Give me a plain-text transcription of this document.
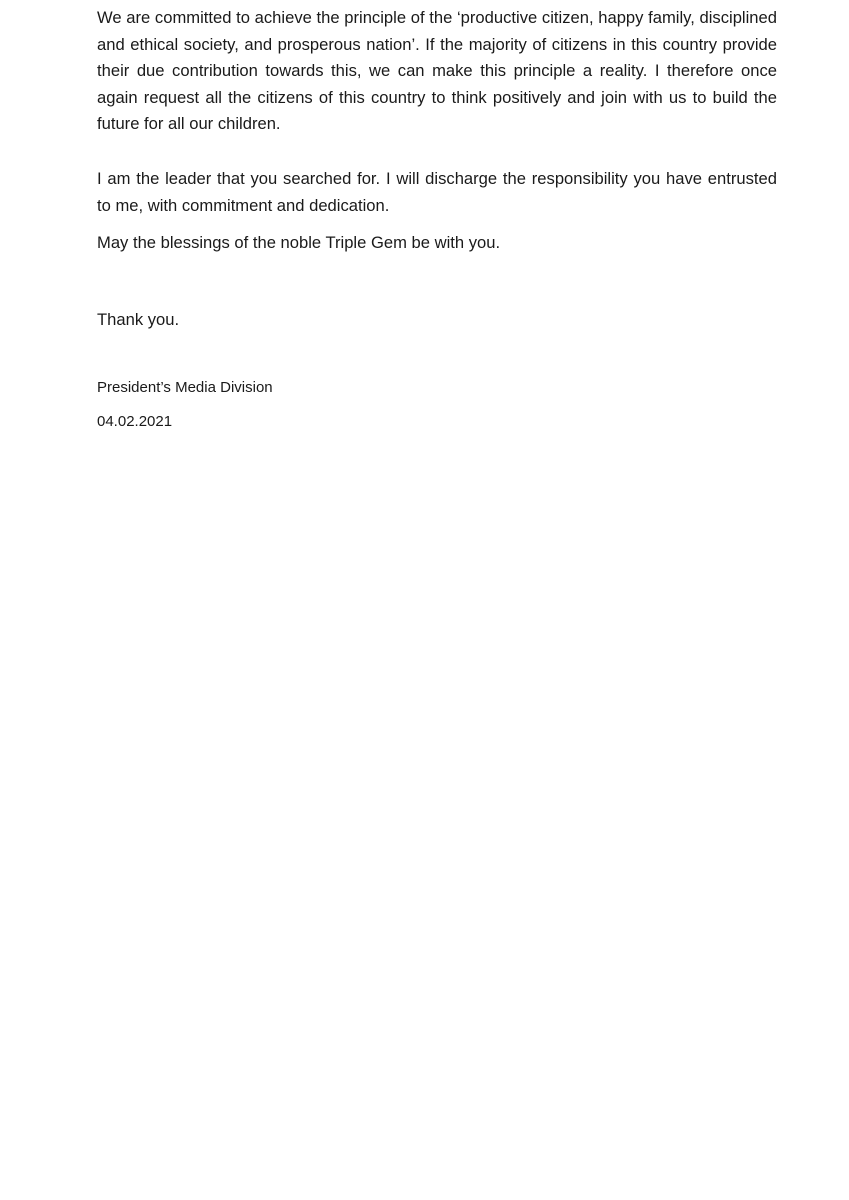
We are committed to achieve the principle of the ‘productive citizen, happy family, disciplined and ethical society, and prosperous nation’. If the majority of citizens in this country provide their due contribution towards this, we can make this principle a reality. I therefore once again request all the citizens of this country to think positively and join with us to build the future for all our children.

I am the leader that you searched for. I will discharge the responsibility you have entrusted to me, with commitment and dedication.

May the blessings of the noble Triple Gem be with you.

Thank you.

President’s Media Division

04.02.2021
